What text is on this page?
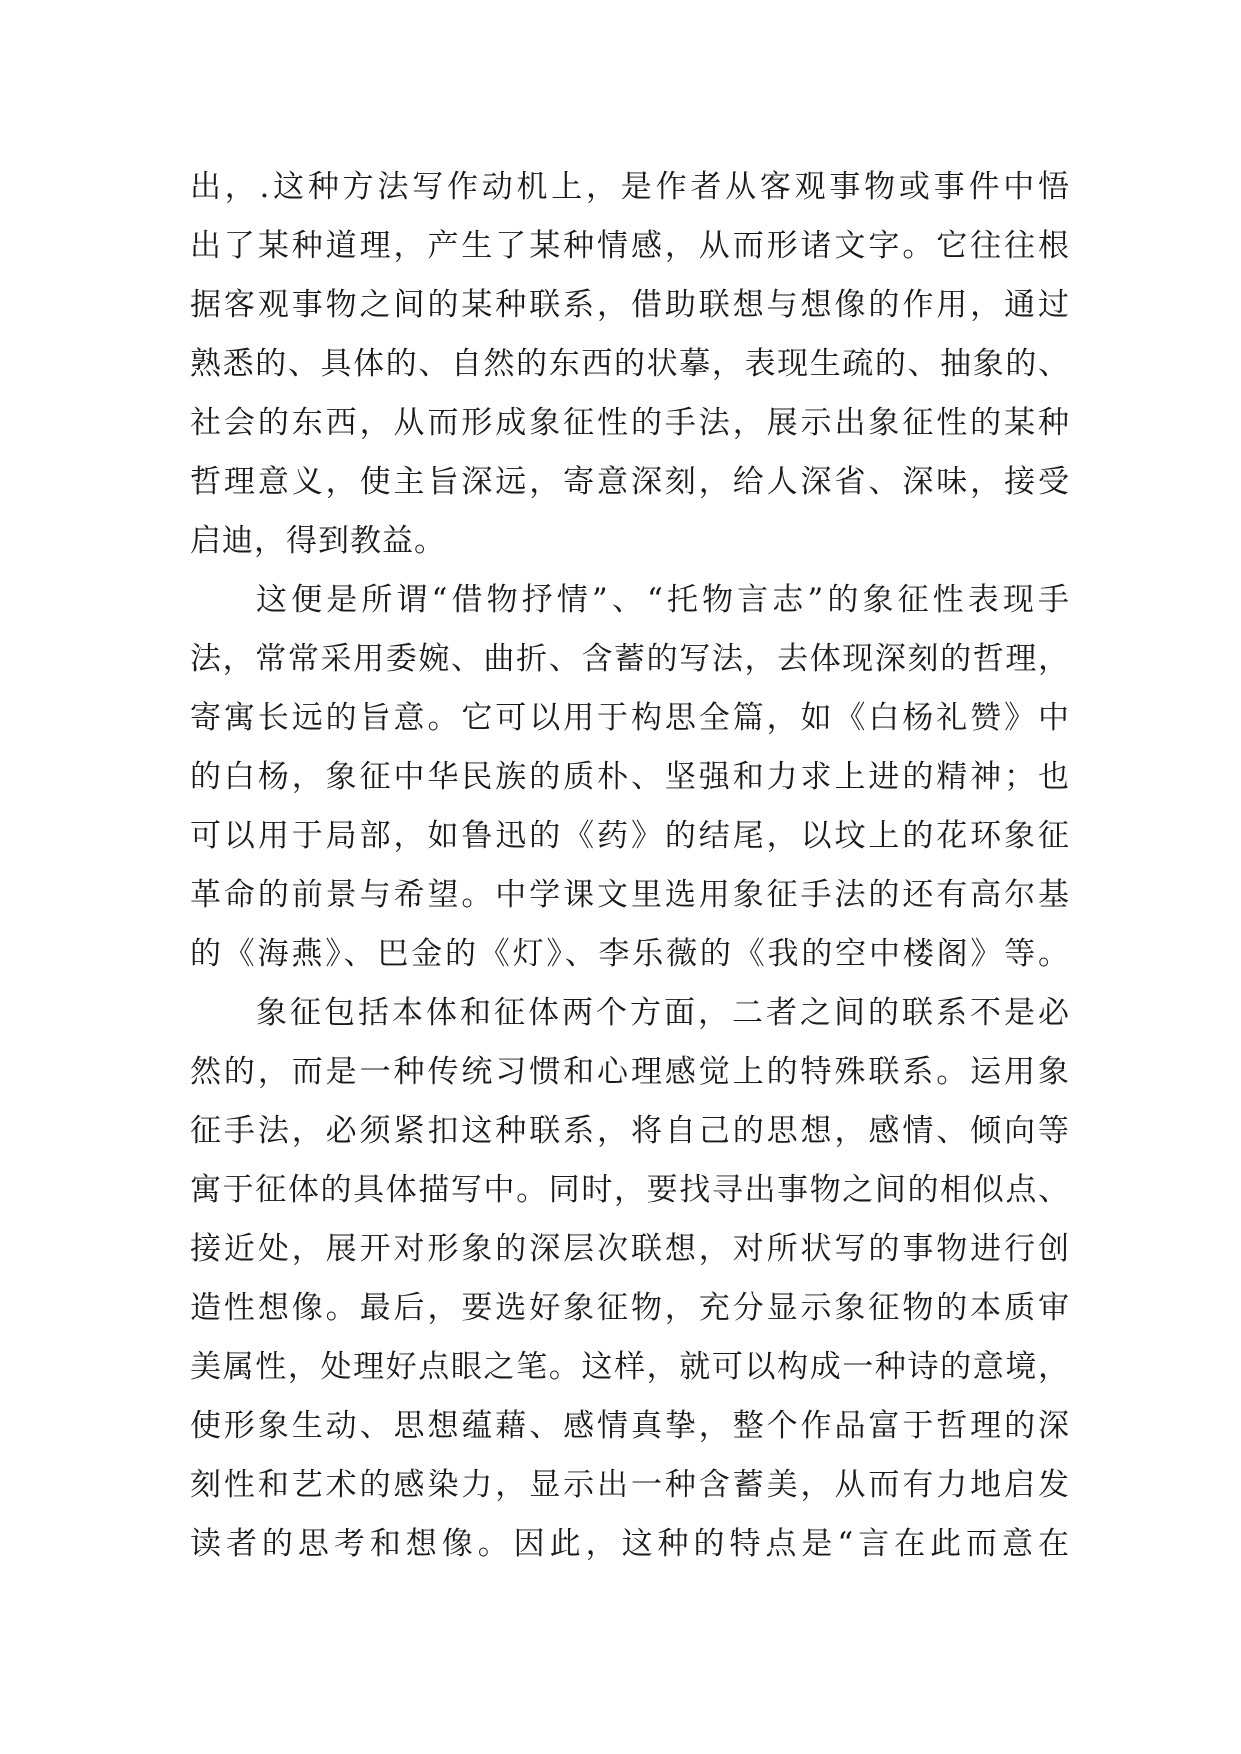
出，.这种方法写作动机上，是作者从客观事物或事件中悟
出了某种道理，产生了某种情感，从而形诸文字。它往往根
据客观事物之间的某种联系，借助联想与想像的作用，通过
熟悉的、具体的、自然的东西的状摹，表现生疏的、抽象的、
社会的东西，从而形成象征性的手法，展示出象征性的某种
哲理意义，使主旨深远，寄意深刻，给人深省、深味，接受
启迪，得到教益。
这便是所谓“借物抒情”、“托物言志”的象征性表现手
法，常常采用委婉、曲折、含蓄的写法，去体现深刻的哲理，
寄寓长远的旨意。它可以用于构思全篇，如《白杨礼赞》中
的白杨，象征中华民族的质朴、坚强和力求上进的精神；也
可以用于局部，如鲁迅的《药》的结尾，以坟上的花环象征
革命的前景与希望。中学课文里选用象征手法的还有高尔基
的《海燕》、巴金的《灯》、李乐薇的《我的空中楼阁》等。
象征包括本体和征体两个方面，二者之间的联系不是必
然的，而是一种传统习惯和心理感觉上的特殊联系。运用象
征手法，必须紧扣这种联系，将自己的思想，感情、倾向等
寓于征体的具体描写中。同时，要找寻出事物之间的相似点、
接近处，展开对形象的深层次联想，对所状写的事物进行创
造性想像。最后，要选好象征物，充分显示象征物的本质审
美属性，处理好点眼之笔。这样，就可以构成一种诗的意境，
使形象生动、思想蕴藉、感情真挚，整个作品富于哲理的深
刻性和艺术的感染力，显示出一种含蓄美，从而有力地启发
读者的思考和想像。因此，这种的特点是“言在此而意在
